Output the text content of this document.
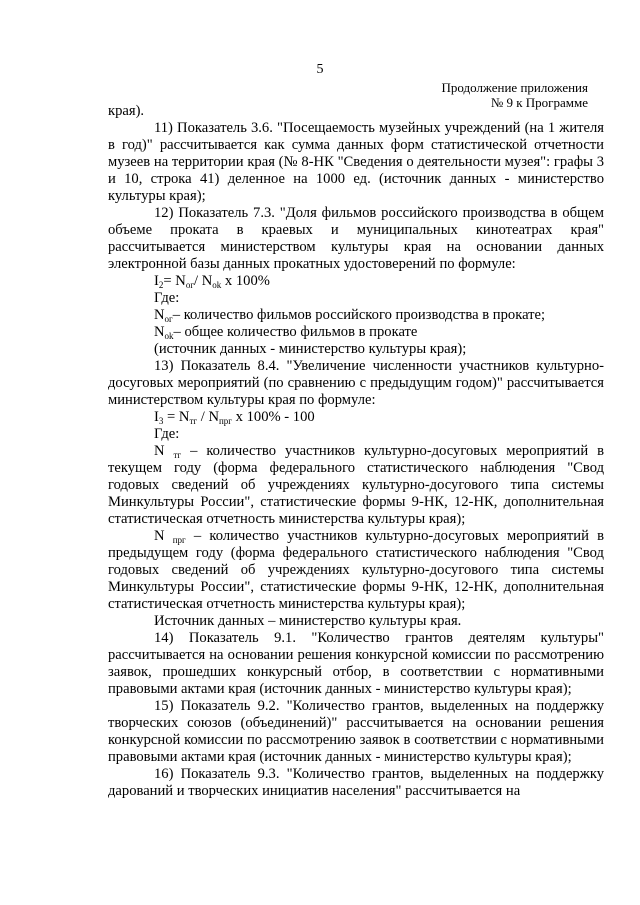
5
Продолжение приложения
№ 9 к Программе

края).

11) Показатель 3.6. "Посещаемость музейных учреждений (на 1 жителя в год)" рассчитывается как сумма данных форм статистической отчетности музеев на территории края (№ 8-НК "Сведения о деятельности музея": графы 3 и 10, строка 41) деленное на 1000 ед. (источник данных - министерство культуры края);

12) Показатель 7.3. "Доля фильмов российского производства в общем объеме проката в краевых и муниципальных кинотеатрах края" рассчитывается министерством культуры края на основании данных электронной базы данных прокатных удостоверений по формуле:

$I_2= N_{ог}/$ $N_{ok}$ x 100%

Где:

$N_{ог}-$ количество фильмов российского производства в прокате;

$N_{ok}-$ общее количество фильмов в прокате

(источник данных - министерство культуры края);

13) Показатель 8.4. "Увеличение численности участников культурно-досуговых мероприятий (по сравнению с предыдущим годом)" рассчитывается министерством культуры края по формуле:

$I_3 = N_{тг} / N_{прг}$ x 100% - 100

Где:

N $_{тг}$ – количество участников культурно-досуговых мероприятий в текущем году (форма федерального статистического наблюдения "Свод годовых сведений об учреждениях культурно-досугового типа системы Минкультуры России", статистические формы 9-НК, 12-НК, дополнительная статистическая отчетность министерства культуры края);

N $_{прг}$ – количество участников культурно-досуговых мероприятий в предыдущем году (форма федерального статистического наблюдения "Свод годовых сведений об учреждениях культурно-досугового типа системы Минкультуры России", статистические формы 9-НК, 12-НК, дополнительная статистическая отчетность министерства культуры края);

Источник данных – министерство культуры края.

14) Показатель 9.1. "Количество грантов деятелям культуры" рассчитывается на основании решения конкурсной комиссии по рассмотрению заявок, прошедших конкурсный отбор, в соответствии с нормативными правовыми актами края (источник данных - министерство культуры края);

15) Показатель 9.2. "Количество грантов, выделенных на поддержку творческих союзов (объединений)" рассчитывается на основании решения конкурсной комиссии по рассмотрению заявок в соответствии с нормативными правовыми актами края (источник данных - министерство культуры края);

16) Показатель 9.3. "Количество грантов, выделенных на поддержку дарований и творческих инициатив населения" рассчитывается на
